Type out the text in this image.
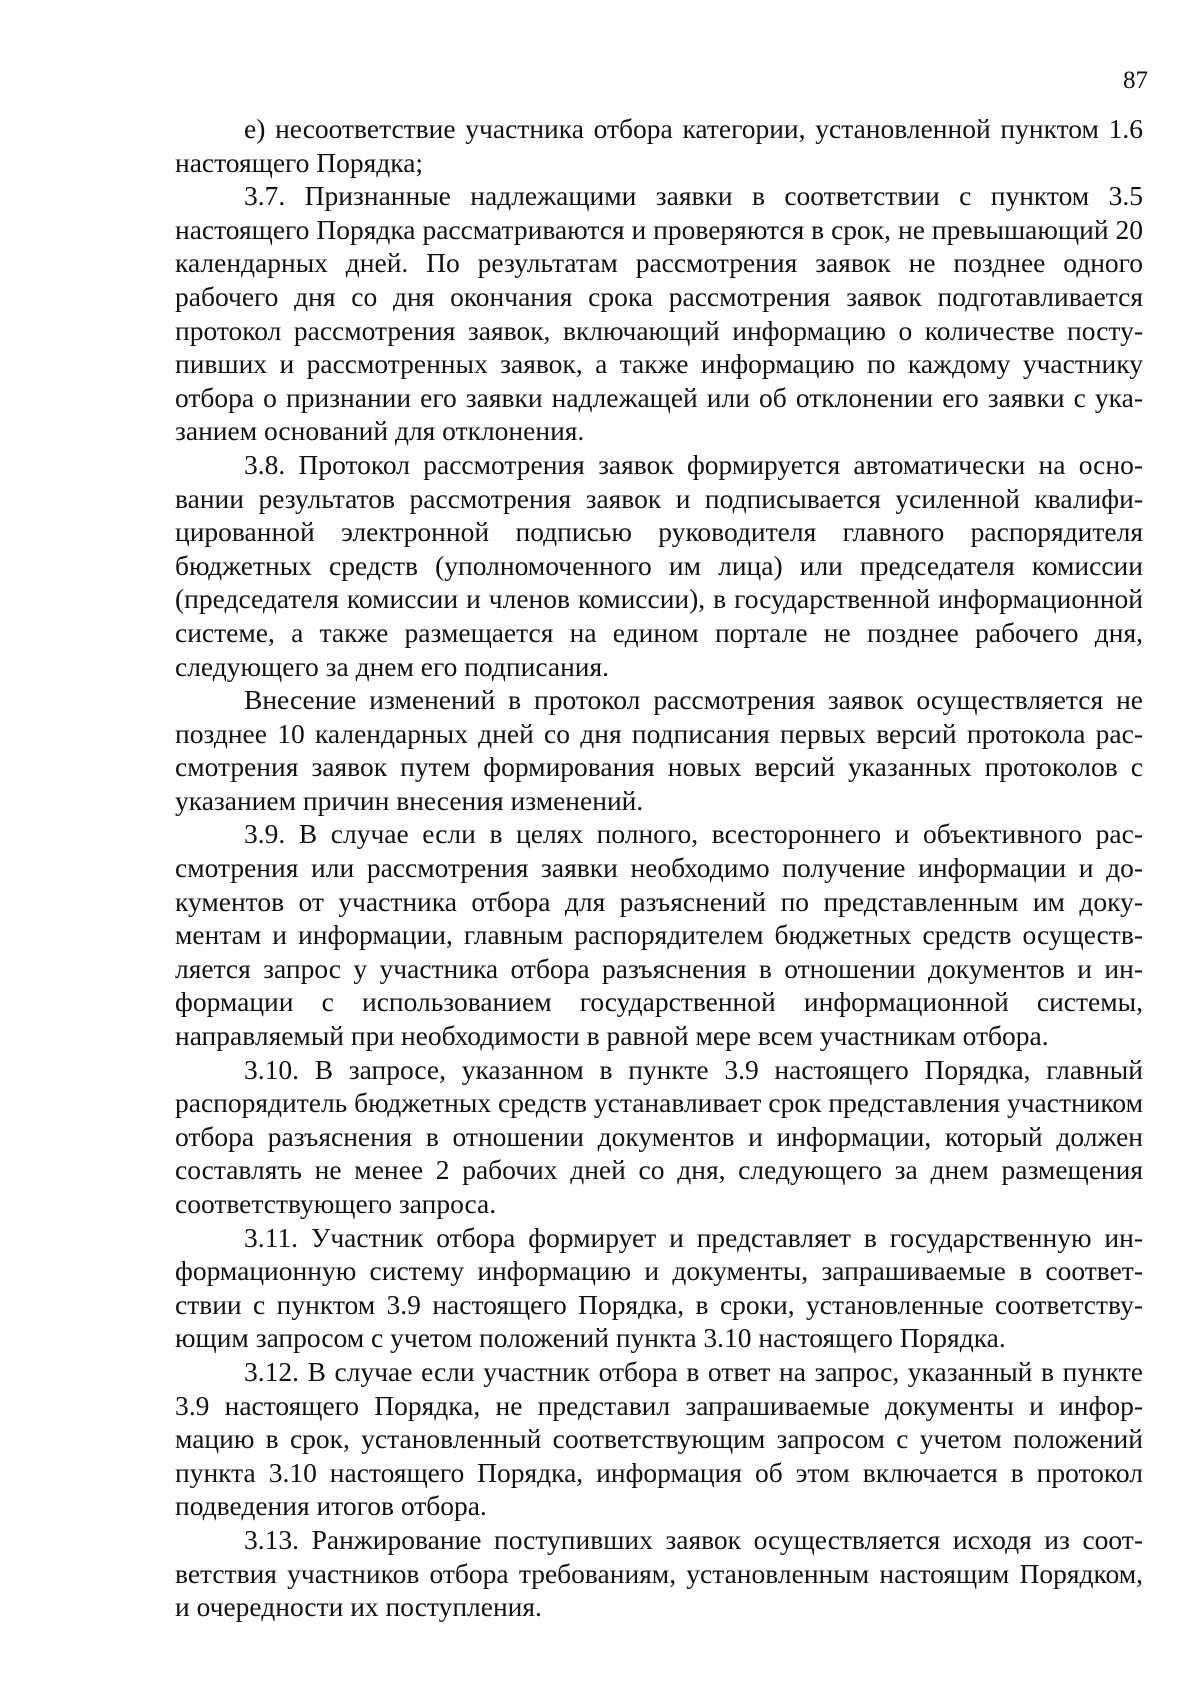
87

е) несоответствие участника отбора категории, установленной пунктом 1.6 настоящего Порядка;

3.7. Признанные надлежащими заявки в соответствии с пунктом 3.5 настоящего Порядка рассматриваются и проверяются в срок, не превышающий 20 календарных дней. По результатам рассмотрения заявок не позднее одного рабочего дня со дня окончания срока рассмотрения заявок подготавливается протокол рассмотрения заявок, включающий информацию о количестве поступивших и рассмотренных заявок, а также информацию по каждому участнику отбора о признании его заявки надлежащей или об отклонении его заявки с указанием оснований для отклонения.

3.8. Протокол рассмотрения заявок формируется автоматически на основании результатов рассмотрения заявок и подписывается усиленной квалифицированной электронной подписью руководителя главного распорядителя бюджетных средств (уполномоченного им лица) или председателя комиссии (председателя комиссии и членов комиссии), в государственной информационной системе, а также размещается на едином портале не позднее рабочего дня, следующего за днем его подписания.

Внесение изменений в протокол рассмотрения заявок осуществляется не позднее 10 календарных дней со дня подписания первых версий протокола рассмотрения заявок путем формирования новых версий указанных протоколов с указанием причин внесения изменений.

3.9. В случае если в целях полного, всестороннего и объективного рассмотрения или рассмотрения заявки необходимо получение информации и документов от участника отбора для разъяснений по представленным им документам и информации, главным распорядителем бюджетных средств осуществляется запрос у участника отбора разъяснения в отношении документов и информации с использованием государственной информационной системы, направляемый при необходимости в равной мере всем участникам отбора.

3.10. В запросе, указанном в пункте 3.9 настоящего Порядка, главный распорядитель бюджетных средств устанавливает срок представления участником отбора разъяснения в отношении документов и информации, который должен составлять не менее 2 рабочих дней со дня, следующего за днем размещения соответствующего запроса.

3.11. Участник отбора формирует и представляет в государственную информационную систему информацию и документы, запрашиваемые в соответствии с пунктом 3.9 настоящего Порядка, в сроки, установленные соответствующим запросом с учетом положений пункта 3.10 настоящего Порядка.

3.12. В случае если участник отбора в ответ на запрос, указанный в пункте 3.9 настоящего Порядка, не представил запрашиваемые документы и информацию в срок, установленный соответствующим запросом с учетом положений пункта 3.10 настоящего Порядка, информация об этом включается в протокол подведения итогов отбора.

3.13. Ранжирование поступивших заявок осуществляется исходя из соответствия участников отбора требованиям, установленным настоящим Порядком, и очередности их поступления.
